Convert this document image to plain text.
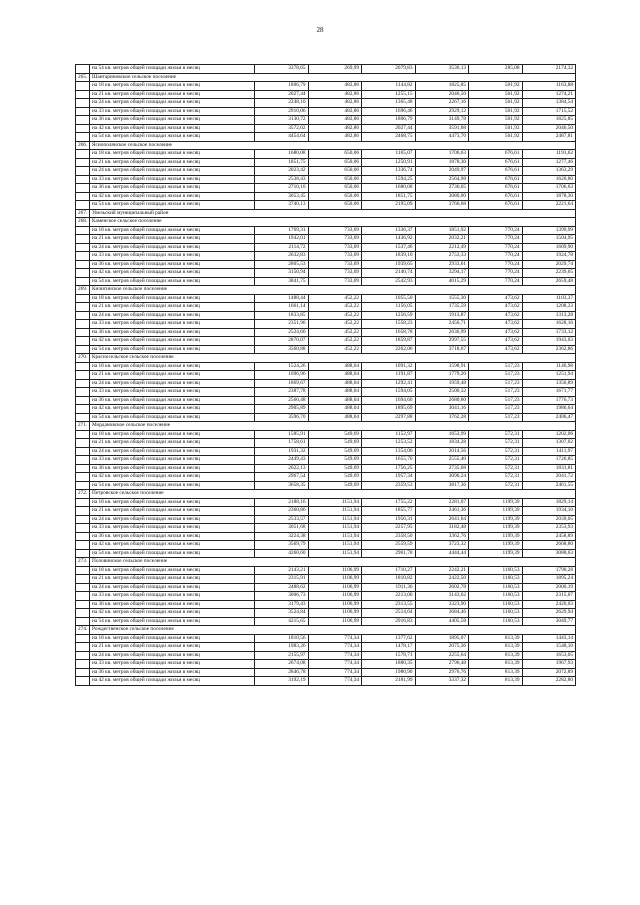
28
	на 54 кв. метров общей площади жилья в месяц	3378,65	269,99	2079,83	3530,13	285,08	2174,32
265.	Шантариновское сельское поселение						
	на 18 кв. метров общей площади жилья в месяц	1806,79	482,86	1144,82	1825,85	501,92	1163,88
	на 21 кв. метров общей площади жилья в месяц	2027,44	482,86	1255,15	2046,50	501,92	1274,21
	на 24 кв. метров общей площади жилья в месяц	2248,10	482,86	1365,48	2267,16	501,92	1384,54
	на 33 кв. метров общей площади жилья в месяц	2910,06	482,86	1696,46	2929,12	501,92	1715,52
	на 36 кв. метров общей площади жилья в месяц	3130,72	482,86	1806,79	3149,78	501,92	1825,85
	на 42 кв. метров общей площади жилья в месяц	3572,02	482,86	2027,44	3591,08	501,92	2046,50
	на 54 кв. метров общей площади жилья в месяц	4454,64	482,86	2468,75	4473,70	501,92	2487,81
266.	Яснополянское сельское поселение						
	на 18 кв. метров общей площади жилья в месяц	1680,08	650,06	1165,07	1706,63	676,61	1191,62
	на 21 кв. метров общей площади жилья в месяц	1851,75	650,06	1250,91	1878,30	676,61	1277,46
	на 24 кв. метров общей площади жилья в месяц	2023,42	650,06	1336,74	2049,97	676,61	1363,29
	на 33 кв. метров общей площади жилья в месяц	2538,43	650,06	1594,25	2564,98	676,61	1620,80
	на 36 кв. метров общей площади жилья в месяц	2710,10	650,06	1680,08	2736,65	676,61	1706,63
	на 42 кв. метров общей площади жилья в месяц	3053,45	650,06	1851,75	3080,00	676,61	1878,30
	на 54 кв. метров общей площади жилья в месяц	3740,13	650,06	2195,09	3766,68	676,61	2221,64
267.	Увельский муниципальный район						
268.	Каменское сельское поселение						
	на 18 кв. метров общей площади жилья в месяц	1769,31	733,09	1336,37	1851,92	770,24	1399,99
	на 21 кв. метров общей площади жилья в месяц	1942,01	733,09	1436,92	2032,21	770,24	1504,95
	на 24 кв. метров общей площади жилья в месяц	2114,72	733,09	1537,46	2212,49	770,24	1609,90
	на 33 кв. метров общей площади жилья в месяц	2632,83	733,09	1839,10	2753,33	770,24	1924,78
	на 36 кв. метров общей площади жилья в месяц	2805,53	733,09	1939,65	2933,61	770,24	2029,74
	на 42 кв. метров общей площади жилья в месяц	3150,94	733,09	2140,74	3294,17	770,24	2239,65
	на 54 кв. метров общей площади жилья в месяц	3841,75	733,09	2542,93	4015,29	770,24	2659,48
269.	Кичигинское сельское поселение						
	на 18 кв. метров общей площади жилья в месяц	1488,44	452,22	1055,50	1555,30	473,62	1103,37
	на 21 кв. метров общей площади жилья в месяц	1661,14	452,22	1156,05	1735,59	473,62	1208,33
	на 24 кв. метров общей площади жилья в месяц	1833,85	452,22	1256,59	1913,87	473,62	1313,28
	на 33 кв. метров общей площади жилья в месяц	2351,96	452,22	1558,23	2456,71	473,62	1628,16
	на 36 кв. метров общей площади жилья в месяц	2524,66	452,22	1658,78	2636,99	473,62	1733,12
	на 42 кв. метров общей площади жилья в месяц	2870,07	452,22	1859,87	2997,55	473,62	1943,03
	на 54 кв. метров общей площади жилья в месяц	3560,88	452,22	2262,06	3718,67	473,62	2362,86
270.	Красносельское сельское поселение						
	на 18 кв. метров общей площади жилья в месяц	1524,26	488,04	1091,32	1598,91	517,23	1146,98
	на 21 кв. метров общей площади жилья в месяц	1696,96	488,04	1191,87	1779,20	517,23	1251,94
	на 24 кв. метров общей площади жилья в месяц	1869,67	488,04	1292,41	1959,48	517,23	1356,89
	на 33 кв. метров общей площади жилья в месяц	2387,78	488,04	1594,05	2500,32	517,23	1671,77
	на 36 кв. метров общей площади жилья в месяц	2560,48	488,04	1694,60	2680,60	517,23	1776,73
	на 42 кв. метров общей площади жилья в месяц	2905,89	488,04	1895,69	3041,16	517,23	1986,64
	на 54 кв. метров общей площади жилья в месяц	3596,70	488,04	2297,88	3762,28	517,23	2406,47
271.	Мордановское сельское поселение						
	на 18 кв. метров общей площади жилья в месяц	1585,91	549,69	1152,97	1653,99	572,31	1202,06
	на 21 кв. метров общей площади жилья в месяц	1758,61	549,69	1253,52	1834,28	572,31	1307,02
	на 24 кв. метров общей площади жилья в месяц	1931,32	549,69	1354,06	2014,56	572,31	1411,97
	на 33 кв. метров общей площади жилья в месяц	2449,43	549,69	1655,70	2555,40	572,31	1726,85
	на 36 кв. метров общей площади жилья в месяц	2622,13	549,69	1756,25	2735,68	572,31	1831,81
	на 42 кв. метров общей площади жилья в месяц	2967,54	549,69	1957,34	3096,24	572,31	2041,72
	на 54 кв. метров общей площади жилья в месяц	3658,35	549,69	2359,53	3817,36	572,31	2461,55
272.	Петровское сельское поселение						
	на 18 кв. метров общей площади жилья в месяц	2188,16	1151,94	1755,22	2281,07	1199,39	1829,14
	на 21 кв. метров общей площади жилья в месяц	2360,86	1151,94	1855,77	2461,36	1199,39	1934,10
	на 24 кв. метров общей площади жилья в месяц	2533,57	1151,94	1956,31	2641,64	1199,39	2039,05
	на 33 кв. метров общей площади жилья в месяц	3051,68	1151,94	2257,95	3182,48	1199,39	2353,93
	на 36 кв. метров общей площади жилья в месяц	3224,38	1151,94	2358,50	3362,76	1199,39	2458,89
	на 42 кв. метров общей площади жилья в месяц	3569,79	1151,94	2559,59	3723,32	1199,39	2668,80
	на 54 кв. метров общей площади жилья в месяц	4260,60	1151,94	2961,78	4444,44	1199,39	3088,63
273.	Половинское сельское поселение						
	на 18 кв. метров общей площади жилья в месяц	2143,21	1106,99	1710,27	2242,21	1160,53	1790,28
	на 21 кв. метров общей площади жилья в месяц	2315,91	1106,99	1810,82	2422,50	1160,53	1895,24
	на 24 кв. метров общей площади жилья в месяц	2488,62	1106,99	1911,36	2602,78	1160,53	2000,19
	на 33 кв. метров общей площади жилья в месяц	3006,73	1106,99	2213,00	3143,62	1160,53	2315,07
	на 36 кв. метров общей площади жилья в месяц	3179,43	1106,99	2313,55	3323,90	1160,53	2420,03
	на 42 кв. метров общей площади жилья в месяц	3524,84	1106,99	2514,64	3684,46	1160,53	2629,94
	на 54 кв. метров общей площади жилья в месяц	4215,65	1106,99	2916,83	4405,58	1160,53	3049,77
274.	Рождественское сельское поселение						
	на 18 кв. метров общей площади жилья в месяц	1810,56	774,34	1377,62	1895,07	813,39	1443,14
	на 21 кв. метров общей площади жилья в месяц	1983,26	774,34	1478,17	2075,36	813,39	1548,10
	на 24 кв. метров общей площади жилья в месяц	2155,97	774,34	1578,71	2255,64	813,39	1653,05
	на 33 кв. метров общей площади жилья в месяц	2674,08	774,34	1880,35	2796,48	813,39	1967,93
	на 36 кв. метров общей площади жилья в месяц	2846,78	774,34	1980,90	2976,76	813,39	2072,89
	на 42 кв. метров общей площади жилья в месяц	3192,19	774,34	2181,99	3337,32	813,39	2282,80
